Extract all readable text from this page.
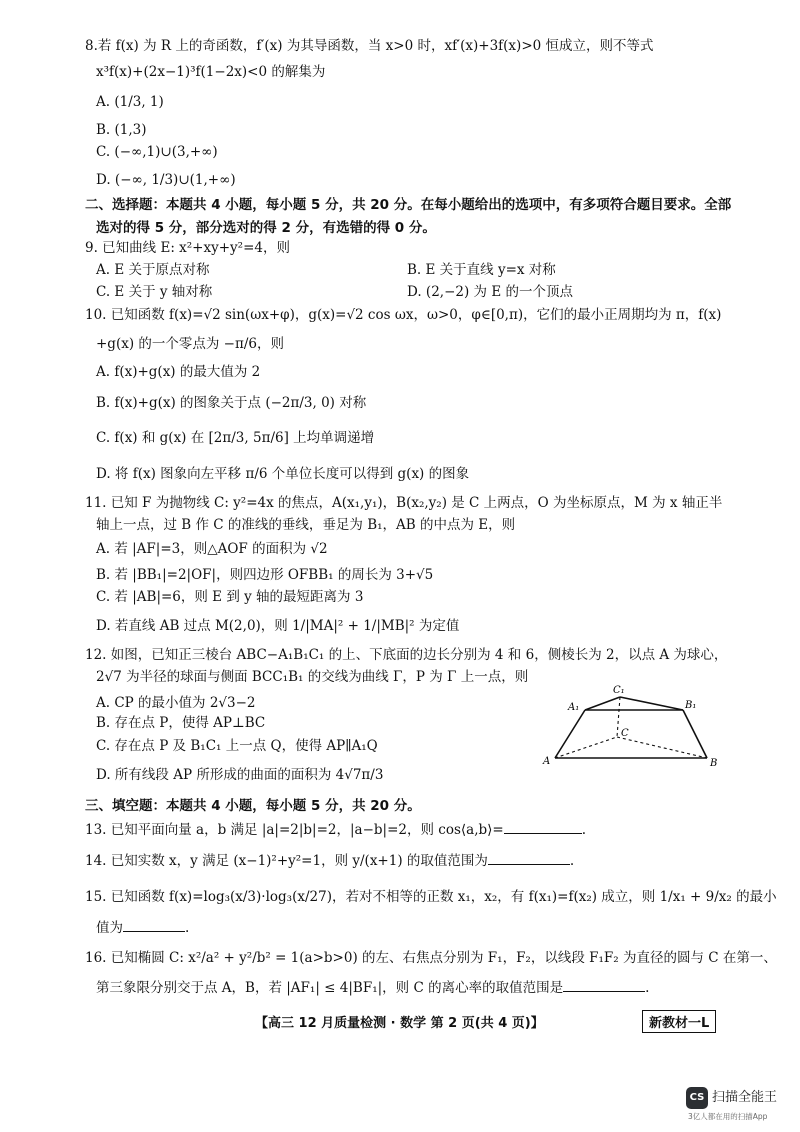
8.若 f(x) 为 R 上的奇函数，f′(x) 为其导函数，当 x>0 时，xf′(x)+3f(x)>0 恒成立，则不等式
x³f(x)+(2x−1)³f(1−2x)<0 的解集为
A. (1/3, 1)
B. (1,3)
C. (−∞,1)∪(3,+∞)
D. (−∞, 1/3)∪(1,+∞)
二、选择题：本题共 4 小题，每小题 5 分，共 20 分。在每小题给出的选项中，有多项符合题目要求。全部
选对的得 5 分，部分选对的得 2 分，有选错的得 0 分。
9. 已知曲线 E: x²+xy+y²=4，则
A. E 关于原点对称	B. E 关于直线 y=x 对称
C. E 关于 y 轴对称	D. (2,−2) 为 E 的一个顶点
10. 已知函数 f(x)=√2 sin(ωx+φ)，g(x)=√2 cos ωx，ω>0，φ∈[0,π)，它们的最小正周期均为 π，f(x)
+g(x) 的一个零点为 −π/6，则
A. f(x)+g(x) 的最大值为 2
B. f(x)+g(x) 的图象关于点 (−2π/3, 0) 对称
C. f(x) 和 g(x) 在 [2π/3, 5π/6] 上均单调递增
D. 将 f(x) 图象向左平移 π/6 个单位长度可以得到 g(x) 的图象
11. 已知 F 为抛物线 C: y²=4x 的焦点，A(x₁,y₁)，B(x₂,y₂) 是 C 上两点，O 为坐标原点，M 为 x 轴正半
轴上一点，过 B 作 C 的准线的垂线，垂足为 B₁，AB 的中点为 E，则
A. 若 |AF|=3，则△AOF 的面积为 √2
B. 若 |BB₁|=2|OF|，则四边形 OFBB₁ 的周长为 3+√5
C. 若 |AB|=6，则 E 到 y 轴的最短距离为 3
D. 若直线 AB 过点 M(2,0)，则 1/|MA|² + 1/|MB|² 为定值
12. 如图，已知正三棱台 ABC−A₁B₁C₁ 的上、下底面的边长分别为 4 和 6，侧棱长为 2，以点 A 为球心，
2√7 为半径的球面与侧面 BCC₁B₁ 的交线为曲线 Γ，P 为 Γ 上一点，则
A. CP 的最小值为 2√3−2
B. 存在点 P，使得 AP⊥BC
C. 存在点 P 及 B₁C₁ 上一点 Q，使得 AP∥A₁Q
D. 所有线段 AP 所形成的曲面的面积为 4√7π/3
A	B
C
A₁	B₁
C₁
三、填空题：本题共 4 小题，每小题 5 分，共 20 分。
13. 已知平面向量 a，b 满足 |a|=2|b|=2，|a−b|=2，则 cos⟨a,b⟩=	.
14. 已知实数 x，y 满足 (x−1)²+y²=1，则 y/(x+1) 的取值范围为	.
15. 已知函数 f(x)=log₃(x/3)·log₃(x/27)，若对不相等的正数 x₁，x₂，有 f(x₁)=f(x₂) 成立，则 1/x₁ + 9/x₂ 的最小
值为	.
16. 已知椭圆 C: x²/a² + y²/b² = 1(a>b>0) 的左、右焦点分别为 F₁，F₂，以线段 F₁F₂ 为直径的圆与 C 在第一、
第三象限分别交于点 A，B，若 |AF₁| ≤ 4|BF₁|，则 C 的离心率的取值范围是	.
【高三 12 月质量检测 · 数学 第 2 页(共 4 页)】	新教材一L
CS 扫描全能王
3亿人都在用的扫描App
